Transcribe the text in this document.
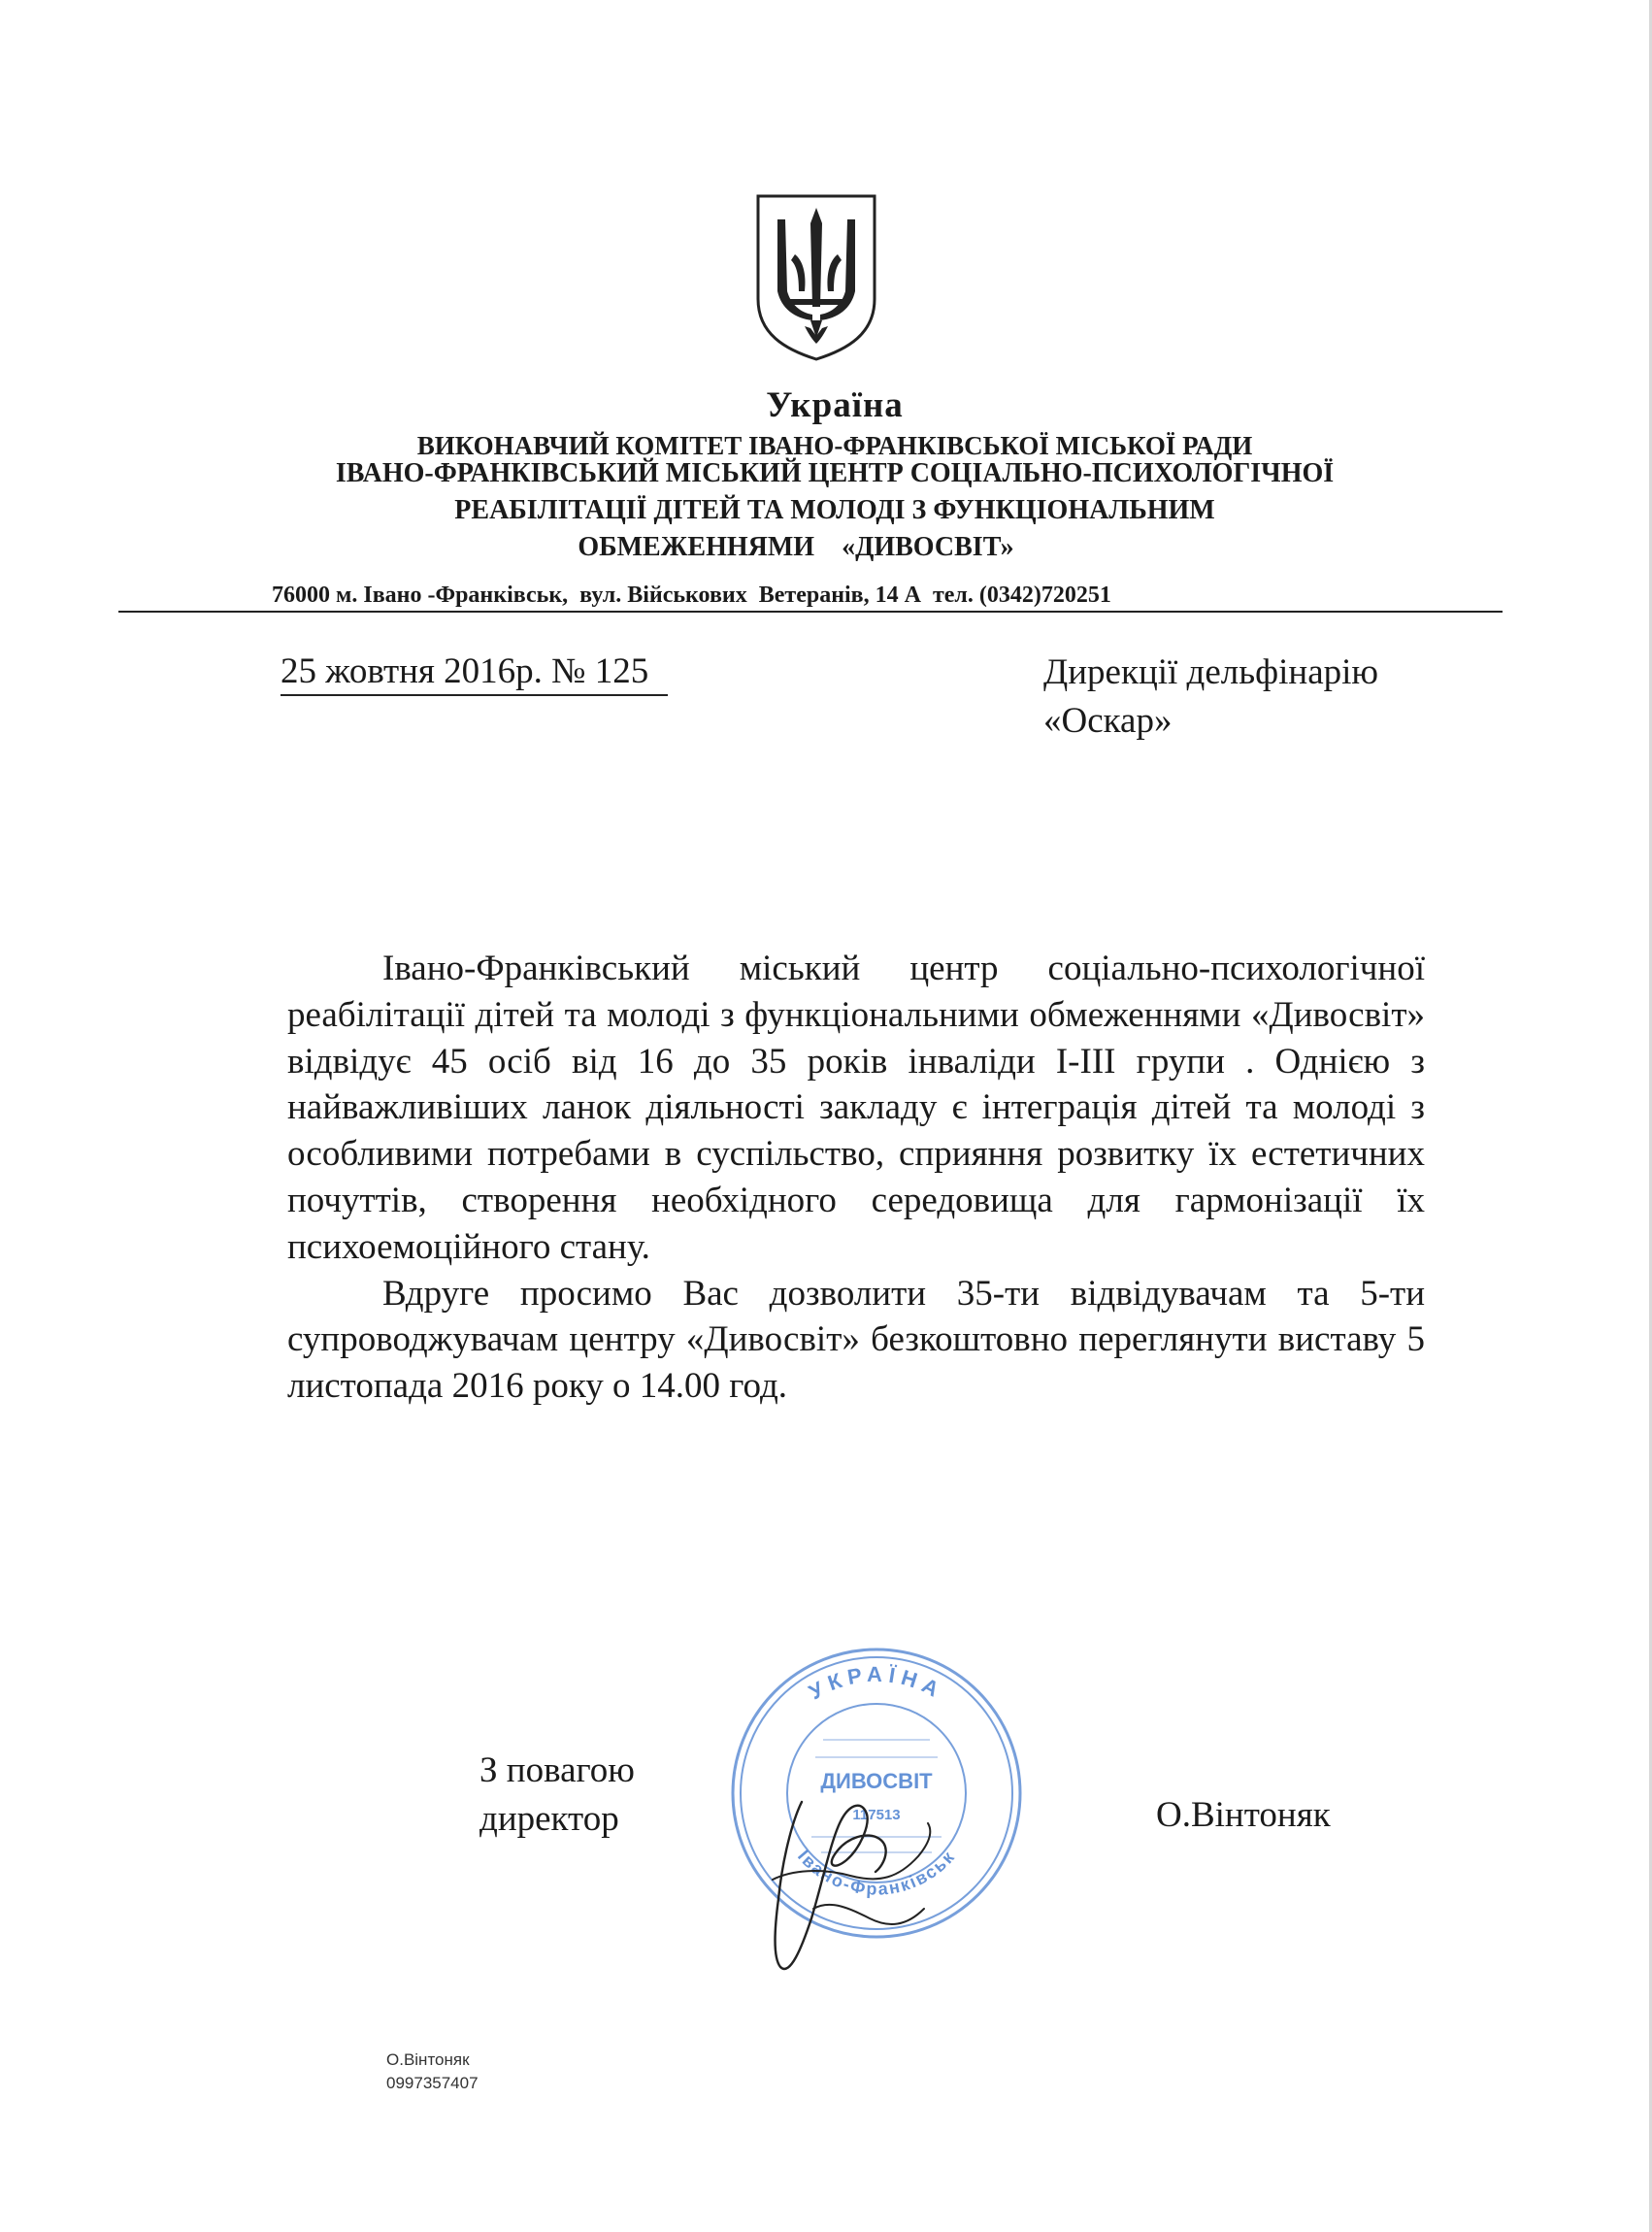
Україна
ВИКОНАВЧИЙ КОМІТЕТ ІВАНО-ФРАНКІВСЬКОЇ МІСЬКОЇ РАДИ
ІВАНО-ФРАНКІВСЬКИЙ МІСЬКИЙ ЦЕНТР СОЦІАЛЬНО-ПСИХОЛОГІЧНОЇ
РЕАБІЛІТАЦІЇ ДІТЕЙ ТА МОЛОДІ З ФУНКЦІОНАЛЬНИМ
ОБМЕЖЕННЯМИ    «ДИВОСВІТ»
76000 м. Івано -Франківськ,  вул. Військових  Ветеранів, 14 А  тел. (0342)720251
25 жовтня 2016р. № 125	Дирекції дельфінарію
«Оскар»

Івано-Франківський міський центр соціально-психологічної реабілітації дітей та молоді з функціональними обмеженнями «Дивосвіт» відвідує 45 осіб від 16 до 35 років інваліди І-ІІІ групи . Однією з найважливіших ланок діяльності закладу є інтеграція дітей та молоді з особливими потребами в суспільство, сприяння розвитку їх естетичних почуттів, створення необхідного середовища для гармонізації їх психоемоційного стану.

Вдруге просимо Вас дозволити 35-ти відвідувачам та 5-ти супроводжувачам центру «Дивосвіт» безкоштовно переглянути виставу 5 листопада 2016 року о 14.00 год.

УКРАЇНА
Івано-Франківськ
ДИВОСВІТ
117513
З повагою
директор	О.Вінтоняк
О.Вінтоняк
0997357407
